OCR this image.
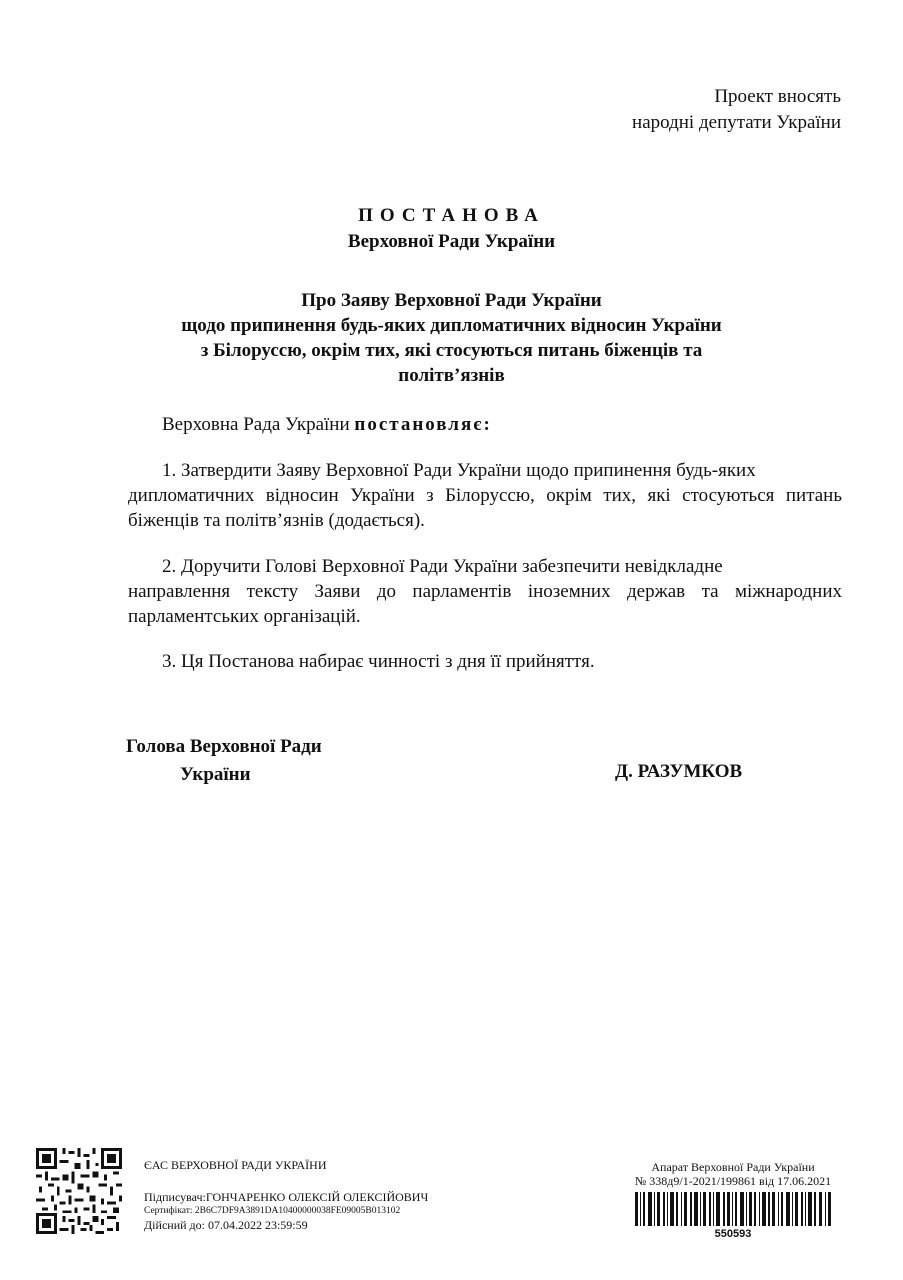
Проект вносять
народні депутати України
ПОСТАНОВА
Верховної Ради України
Про Заяву Верховної Ради України
щодо припинення будь-яких дипломатичних відносин України
з Білоруссю, окрім тих, які стосуються питань біженців та
політв’язнів
Верховна Рада України постановляє:
1. Затвердити Заяву Верховної Ради України щодо припинення будь-яких
дипломатичних відносин України з Білоруссю, окрім тих, які стосуються питань біженців та політв’язнів (додається).
2. Доручити Голові Верховної Ради України забезпечити невідкладне
направлення тексту Заяви до парламентів іноземних держав та міжнародних парламентських організацій.
3. Ця Постанова набирає чинності з дня її прийняття.
Голова Верховної Ради
України	Д. РАЗУМКОВ
ЄАС ВЕРХОВНОЇ РАДИ УКРАЇНИ
Підписувач:ГОНЧАРЕНКО ОЛЕКСІЙ ОЛЕКСІЙОВИЧ
Сертифікат: 2B6C7DF9A3891DA10400000038FE09005B013102
Дійсний до: 07.04.2022 23:59:59
Апарат Верховної Ради України
№ 338д9/1-2021/199861 від 17.06.2021
550593
